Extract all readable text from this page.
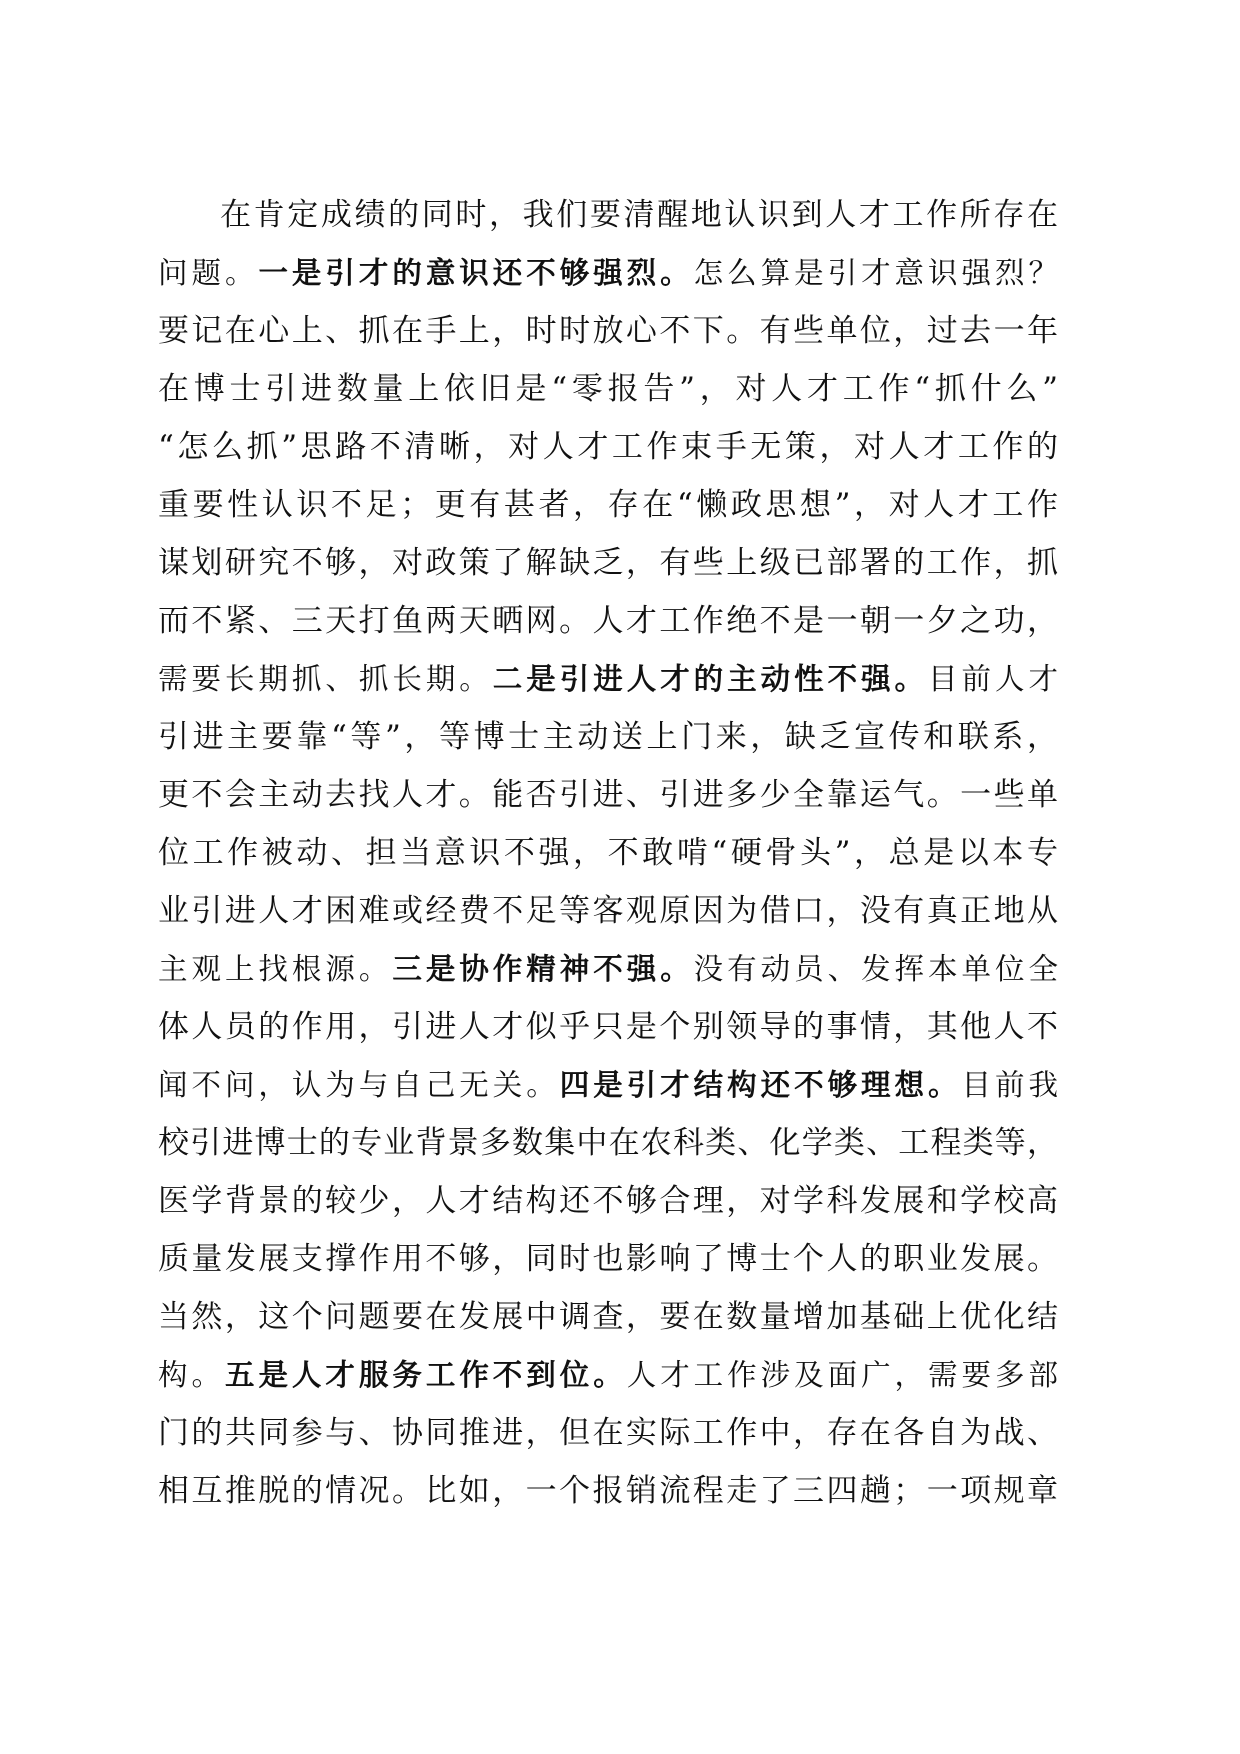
在肯定成绩的同时，我们要清醒地认识到人才工作所存在
问题。一是引才的意识还不够强烈。怎么算是引才意识强烈？
要记在心上、抓在手上，时时放心不下。有些单位，过去一年
在博士引进数量上依旧是“零报告”，对人才工作“抓什么”
“怎么抓”思路不清晰，对人才工作束手无策，对人才工作的
重要性认识不足；更有甚者，存在“懒政思想”，对人才工作
谋划研究不够，对政策了解缺乏，有些上级已部署的工作，抓
而不紧、三天打鱼两天晒网。人才工作绝不是一朝一夕之功，
需要长期抓、抓长期。二是引进人才的主动性不强。目前人才
引进主要靠“等”，等博士主动送上门来，缺乏宣传和联系，
更不会主动去找人才。能否引进、引进多少全靠运气。一些单
位工作被动、担当意识不强，不敢啃“硬骨头”，总是以本专
业引进人才困难或经费不足等客观原因为借口，没有真正地从
主观上找根源。三是协作精神不强。没有动员、发挥本单位全
体人员的作用，引进人才似乎只是个别领导的事情，其他人不
闻不问，认为与自己无关。四是引才结构还不够理想。目前我
校引进博士的专业背景多数集中在农科类、化学类、工程类等，
医学背景的较少，人才结构还不够合理，对学科发展和学校高
质量发展支撑作用不够，同时也影响了博士个人的职业发展。
当然，这个问题要在发展中调查，要在数量增加基础上优化结
构。五是人才服务工作不到位。人才工作涉及面广，需要多部
门的共同参与、协同推进，但在实际工作中，存在各自为战、
相互推脱的情况。比如，一个报销流程走了三四趟；一项规章
